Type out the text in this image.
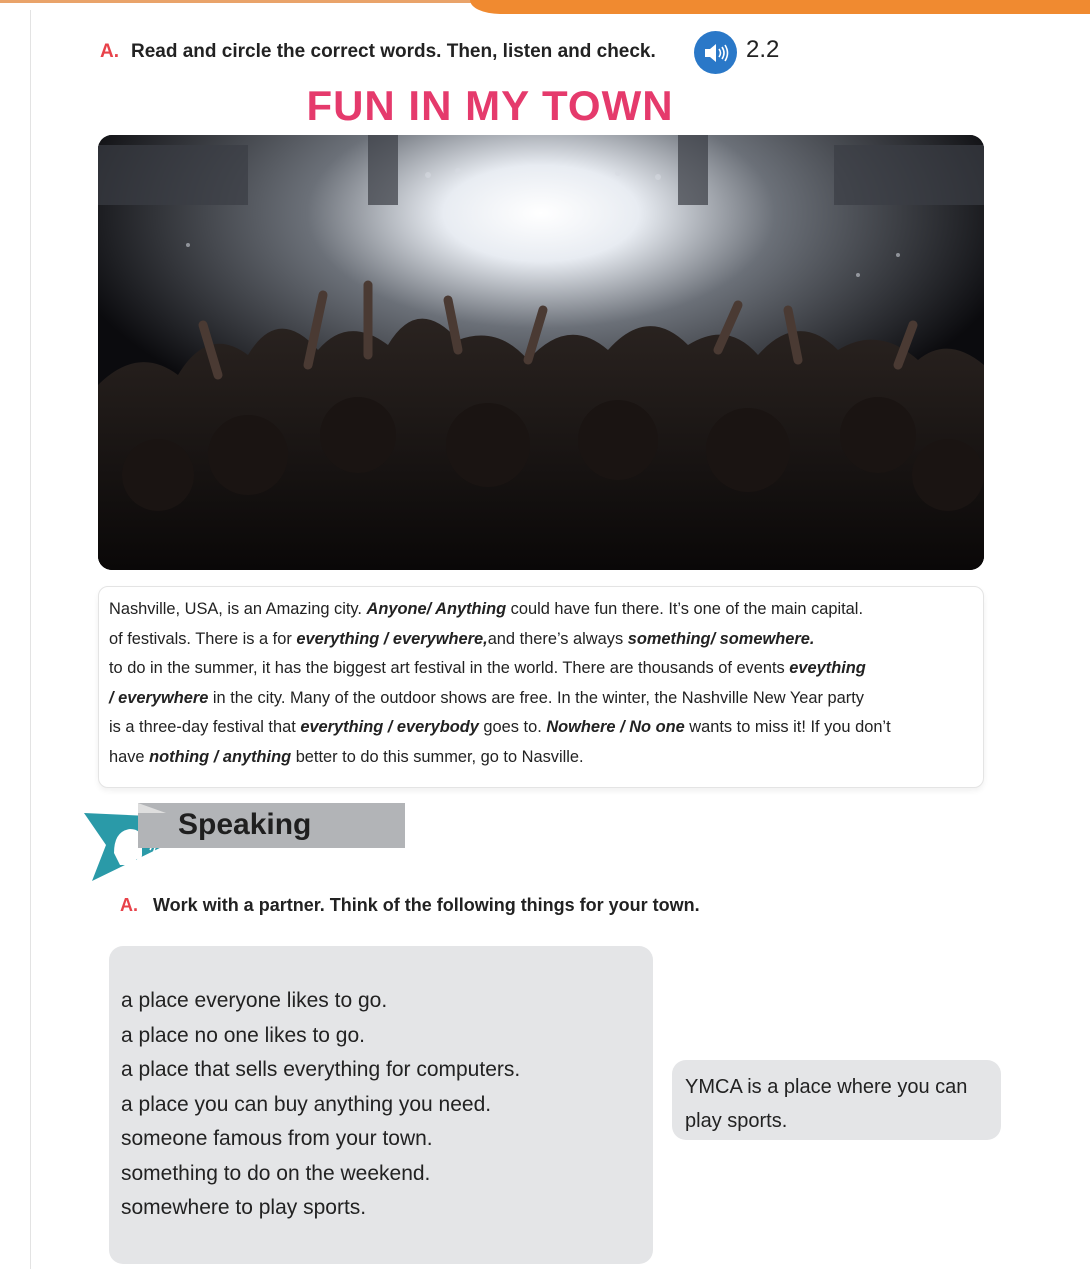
A. Read and circle the correct words. Then, listen and check.	2.2
FUN IN MY TOWN
Nashville, USA, is an Amazing city. Anyone/ Anything could have fun there. It’s one of the main capital.
of festivals. There is a for everything / everywhere,and there’s always something/ somewhere.
to do in the summer, it has the biggest art festival in the world. There are thousands of events eveything
/ everywhere in the city. Many of the outdoor shows are free. In the winter, the Nashville New Year party
is a three-day festival that everything / everybody goes to. Nowhere / No one wants to miss it! If you don’t
have nothing / anything better to do this summer, go to Nasville.
Speaking
A. Work with a partner. Think of the following things for your town.
a place everyone likes to go.
a place no one likes to go.
a place that sells everything for computers.
a place you can buy anything you need.
someone famous from your town.
something to do on the weekend.
somewhere to play sports.
YMCA is a place where you can play sports.
